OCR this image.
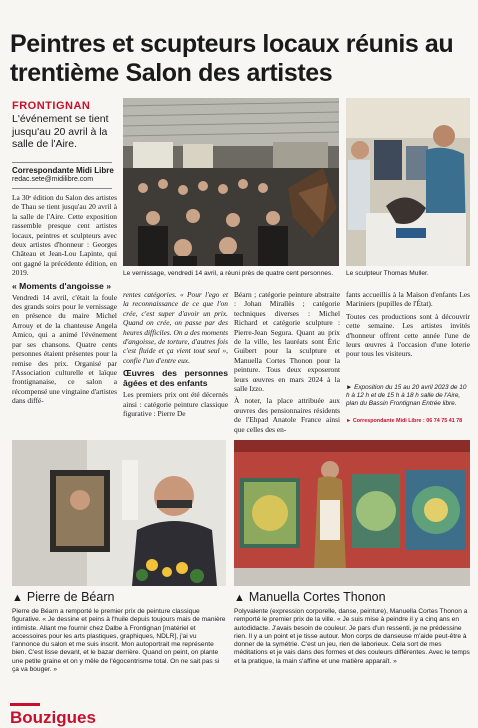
Peintres et scupteurs locaux réunis au trentième Salon des artistes
FRONTIGNAN
L'événement se tient jusqu'au 20 avril à la salle de l'Aire.
Correspondante Midi Libre
redac.sete@midilibre.com
Le vernissage, vendredi 14 avril, a réuni près de quatre cent personnes.	Le sculpteur Thomas Muller.

La 30ᵉ édition du Salon des artistes de Thau se tient jusqu'au 20 avril à la salle de l'Aire. Cette exposition rassemble presque cent artistes locaux, peintres et sculpteurs avec deux artistes d'honneur : Georges Château et Jean-Lou Lapinte, qui ont gagné la précédente édition, en 2019.

« Moments d'angoisse »

Vendredi 14 avril, c'était la foule des grands soirs pour le vernissage en présence du maire Michel Arrouy et de la chanteuse Angela Amico, qui a animé l'événement par ses chansons. Quatre cents personnes étaient présentes pour la remise des prix. Organisé par l'Association culturelle et laïque frontignanaise, ce salon a récompensé une vingtaine d'artistes dans diffé-

rentes catégories. « Pour l'ego et la reconnaissance de ce que l'on crée, c'est super d'avoir un prix. Quand on crée, on passe par des heures difficiles. On a des moments d'angoisse, de torture, d'autres fois c'est fluide et ça vient tout seul », confie l'un d'entre eux.

Œuvres des personnes âgées et des enfants

Les premiers prix ont été décernés ainsi : catégorie peinture classique figurative : Pierre De

Béarn ; catégorie peinture abstraite : Johan Mirallès ; catégorie techniques diverses : Michel Richard et catégorie sculpture : Pierre-Jean Segura. Quant au prix de la ville, les lauréats sont Éric Guibert pour la sculpture et Manuella Cortes Thonon pour la peinture. Tous deux exposeront leurs œuvres en mars 2024 à la salle Izzo.

À noter, la place attribuée aux œuvres des pensionnaires résidents de l'Ehpad Anatole France ainsi que celles des en-

fants accueillis à la Maison d'enfants Les Mariniers (pupilles de l'État).

Toutes ces productions sont à découvrir cette semaine. Les artistes invités d'honneur offrent cette année l'une de leurs œuvres à l'occasion d'une loterie pour tous les visiteurs.

► Exposition du 15 au 20 avril 2023 de 10 h à 12 h et de 15 h à 18 h salle de l'Aire, plan du Bassin Frontignan Entrée libre.
► Correspondante Midi Libre : 06 74 75 41 78
▲ Pierre de Béarn
Pierre de Béarn a remporté le premier prix de peinture classique figurative. « Je dessine et peins à l'huile depuis toujours mais de manière intimiste. Allant me fournir chez Dalbe à Frontignan [matériel et accessoires pour les arts plastiques, graphiques, NDLR], j'ai vu l'annonce du salon et me suis inscrit. Mon autoportrait me représente bien. C'est lisse devant, et le bazar derrière. Quand on peint, on plante une petite graine et on y mêle de l'égocentrisme total. On ne sait pas si ça va bouger. »
▲ Manuella Cortes Thonon
Polyvalente (expression corporelle, danse, peinture), Manuella Cortes Thonon a remporté le premier prix de la ville. « Je suis mise à peindre il y a cinq ans en autodidacte. J'avais besoin de couleur. Je pars d'un ressenti, je ne prédessine rien. Il y a un point et je tisse autour. Mon corps de danseuse m'aide peut-être à donner de la symétrie. C'est un jeu, rien de laborieux. Cela sort de mes méditations et je vais dans des formes et des couleurs différentes. Avec le temps et la pratique, la main s'affine et une matière apparaît. »
Bouzigues
